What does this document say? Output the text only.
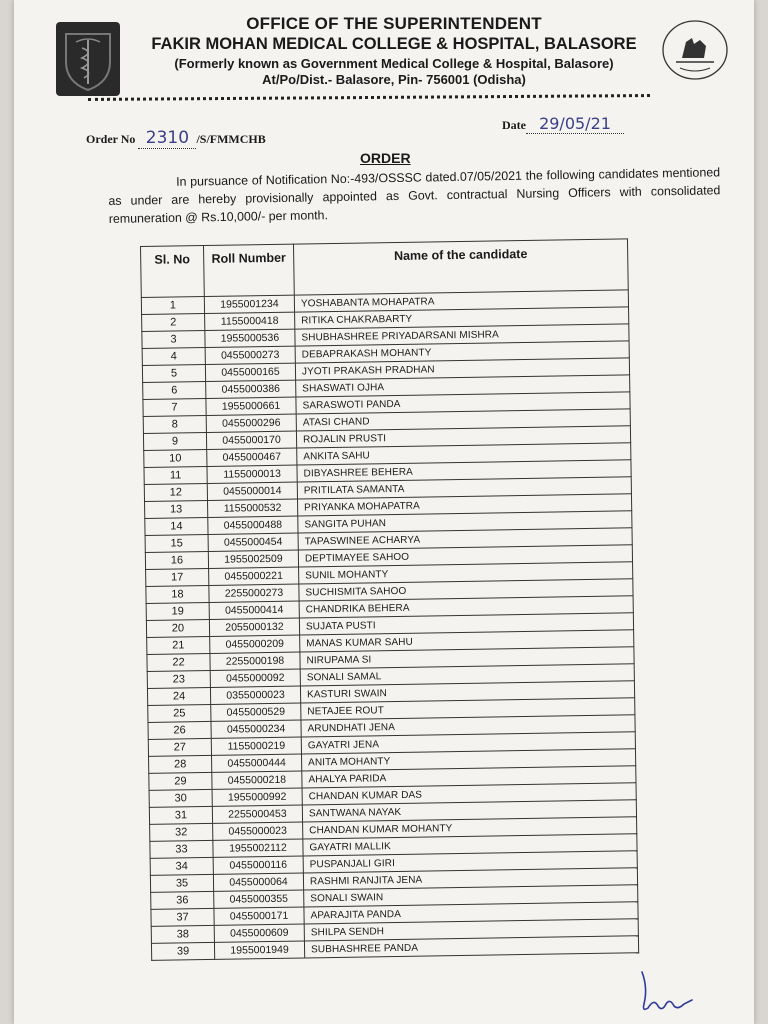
OFFICE OF THE SUPERINTENDENT
FAKIR MOHAN MEDICAL COLLEGE & HOSPITAL, BALASORE
(Formerly known as Government Medical College & Hospital, Balasore)
At/Po/Dist.- Balasore, Pin- 756001 (Odisha)
Order No 2310 /S/FMMCHB
Date 29/05/21
ORDER
In pursuance of Notification No:-493/OSSSC dated.07/05/2021 the following candidates mentioned as under are hereby provisionally appointed as Govt. contractual Nursing Officers with consolidated remuneration @ Rs.10,000/- per month.
Sl. No	Roll Number	Name of the candidate
1	1955001234	YOSHABANTA MOHAPATRA
2	1155000418	RITIKA CHAKRABARTY
3	1955000536	SHUBHASHREE PRIYADARSANI MISHRA
4	0455000273	DEBAPRAKASH MOHANTY
5	0455000165	JYOTI PRAKASH PRADHAN
6	0455000386	SHASWATI OJHA
7	1955000661	SARASWOTI PANDA
8	0455000296	ATASI CHAND
9	0455000170	ROJALIN PRUSTI
10	0455000467	ANKITA SAHU
11	1155000013	DIBYASHREE BEHERA
12	0455000014	PRITILATA SAMANTA
13	1155000532	PRIYANKA MOHAPATRA
14	0455000488	SANGITA PUHAN
15	0455000454	TAPASWINEE ACHARYA
16	1955002509	DEPTIMAYEE SAHOO
17	0455000221	SUNIL MOHANTY
18	2255000273	SUCHISMITA SAHOO
19	0455000414	CHANDRIKA BEHERA
20	2055000132	SUJATA PUSTI
21	0455000209	MANAS KUMAR SAHU
22	2255000198	NIRUPAMA SI
23	0455000092	SONALI SAMAL
24	0355000023	KASTURI SWAIN
25	0455000529	NETAJEE ROUT
26	0455000234	ARUNDHATI JENA
27	1155000219	GAYATRI JENA
28	0455000444	ANITA MOHANTY
29	0455000218	AHALYA PARIDA
30	1955000992	CHANDAN KUMAR DAS
31	2255000453	SANTWANA NAYAK
32	0455000023	CHANDAN KUMAR MOHANTY
33	1955002112	GAYATRI MALLIK
34	0455000116	PUSPANJALI GIRI
35	0455000064	RASHMI RANJITA JENA
36	0455000355	SONALI SWAIN
37	0455000171	APARAJITA PANDA
38	0455000609	SHILPA SENDH
39	1955001949	SUBHASHREE PANDA
